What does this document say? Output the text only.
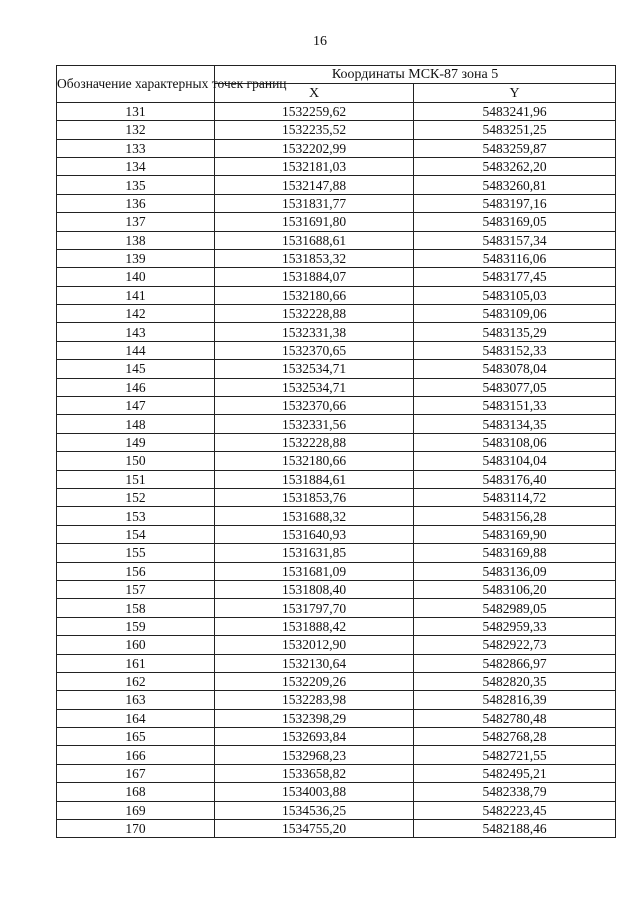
16
Обозначение характерных точек границ	Координаты МСК-87 зона 5	
	X	Y
131	1532259,62	5483241,96
132	1532235,52	5483251,25
133	1532202,99	5483259,87
134	1532181,03	5483262,20
135	1532147,88	5483260,81
136	1531831,77	5483197,16
137	1531691,80	5483169,05
138	1531688,61	5483157,34
139	1531853,32	5483116,06
140	1531884,07	5483177,45
141	1532180,66	5483105,03
142	1532228,88	5483109,06
143	1532331,38	5483135,29
144	1532370,65	5483152,33
145	1532534,71	5483078,04
146	1532534,71	5483077,05
147	1532370,66	5483151,33
148	1532331,56	5483134,35
149	1532228,88	5483108,06
150	1532180,66	5483104,04
151	1531884,61	5483176,40
152	1531853,76	5483114,72
153	1531688,32	5483156,28
154	1531640,93	5483169,90
155	1531631,85	5483169,88
156	1531681,09	5483136,09
157	1531808,40	5483106,20
158	1531797,70	5482989,05
159	1531888,42	5482959,33
160	1532012,90	5482922,73
161	1532130,64	5482866,97
162	1532209,26	5482820,35
163	1532283,98	5482816,39
164	1532398,29	5482780,48
165	1532693,84	5482768,28
166	1532968,23	5482721,55
167	1533658,82	5482495,21
168	1534003,88	5482338,79
169	1534536,25	5482223,45
170	1534755,20	5482188,46
